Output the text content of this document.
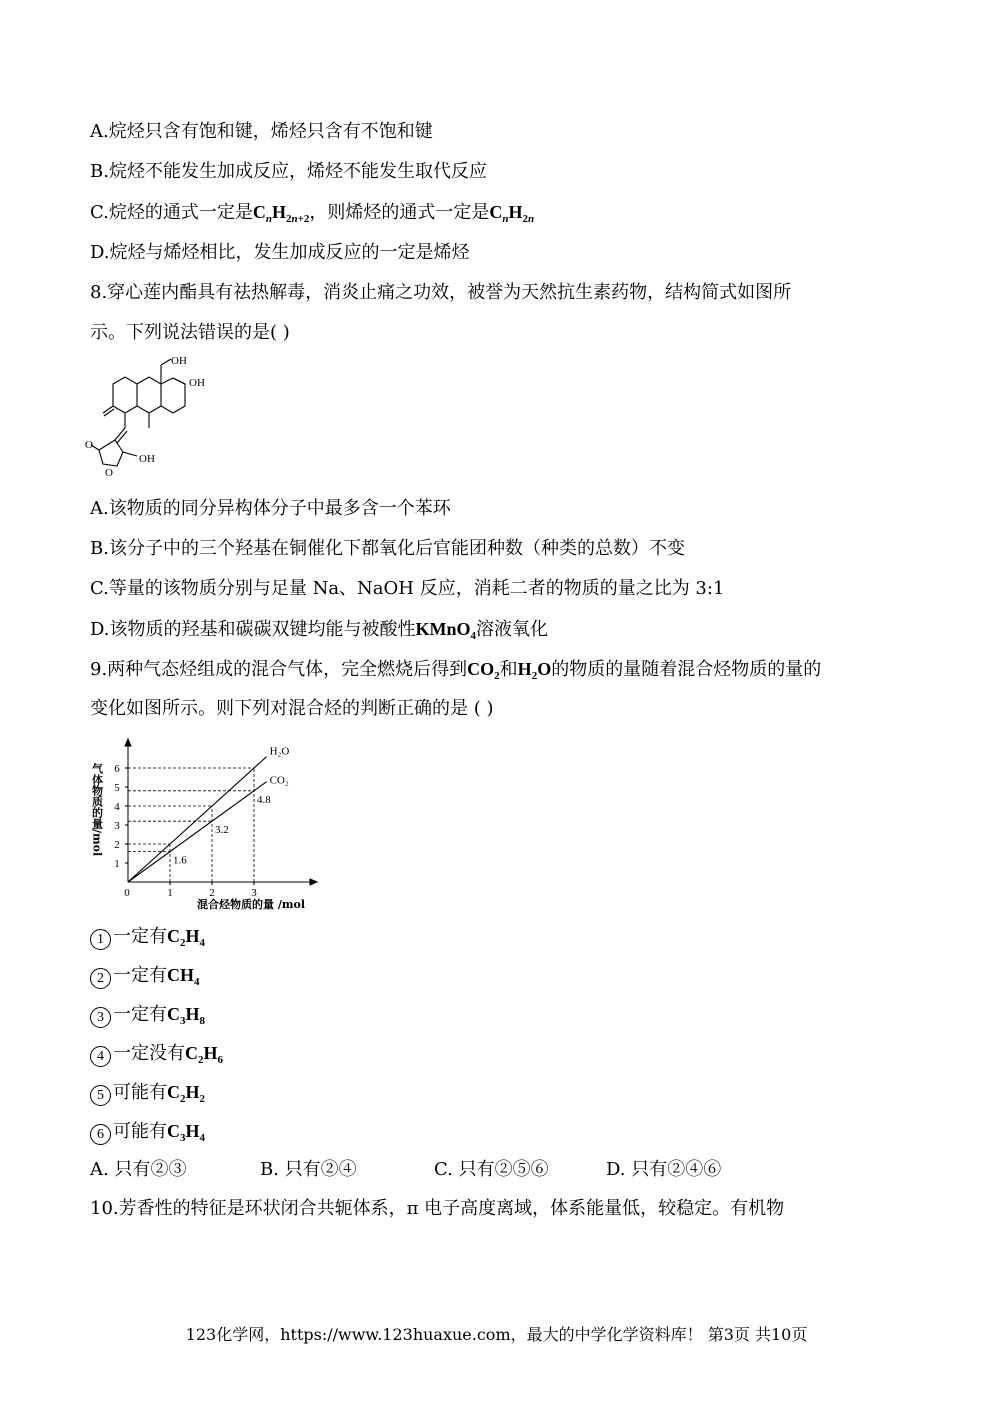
A.烷烃只含有饱和键，烯烃只含有不饱和键
B.烷烃不能发生加成反应，烯烃不能发生取代反应
C.烷烃的通式一定是$C_nH_{2n+2}$，则烯烃的通式一定是$C_nH_{2n}$
D.烷烃与烯烃相比，发生加成反应的一定是烯烃
8.穿心莲内酯具有祛热解毒，消炎止痛之功效，被誉为天然抗生素药物，结构简式如图所
示。下列说法错误的是( )
OH
OH
OH
O
O
A.该物质的同分异构体分子中最多含一个苯环
B.该分子中的三个羟基在铜催化下都氧化后官能团种数（种类的总数）不变
C.等量的该物质分别与足量 Na、NaOH 反应，消耗二者的物质的量之比为 3:1
D.该物质的羟基和碳碳双键均能与被酸性KMnO$_4$溶液氧化
9.两种气态烃组成的混合气体，完全燃烧后得到$CO_2$和$H_2O$的物质的量随着混合烃物质的量的
变化如图所示。则下列对混合烃的判断正确的是 ( )
1
2
3
4
5
6
0	1	2	3
H₂O
CO₂
1.6
3.2
4.8
气体物质的量/mol
混合烃物质的量 /mol
1 一定有$C_2H_4$
2 一定有$CH_4$
3 一定有$C_3H_8$
4 一定没有$C_2H_6$
5 可能有$C_2H_2$
6 可能有$C_3H_4$
A. 只有②③	B. 只有②④	C. 只有②⑤⑥	D. 只有②④⑥
10.芳香性的特征是环状闭合共轭体系，π 电子高度离域，体系能量低，较稳定。有机物
123化学网，https://www.123huaxue.com，最大的中学化学资料库！ 第3页 共10页
